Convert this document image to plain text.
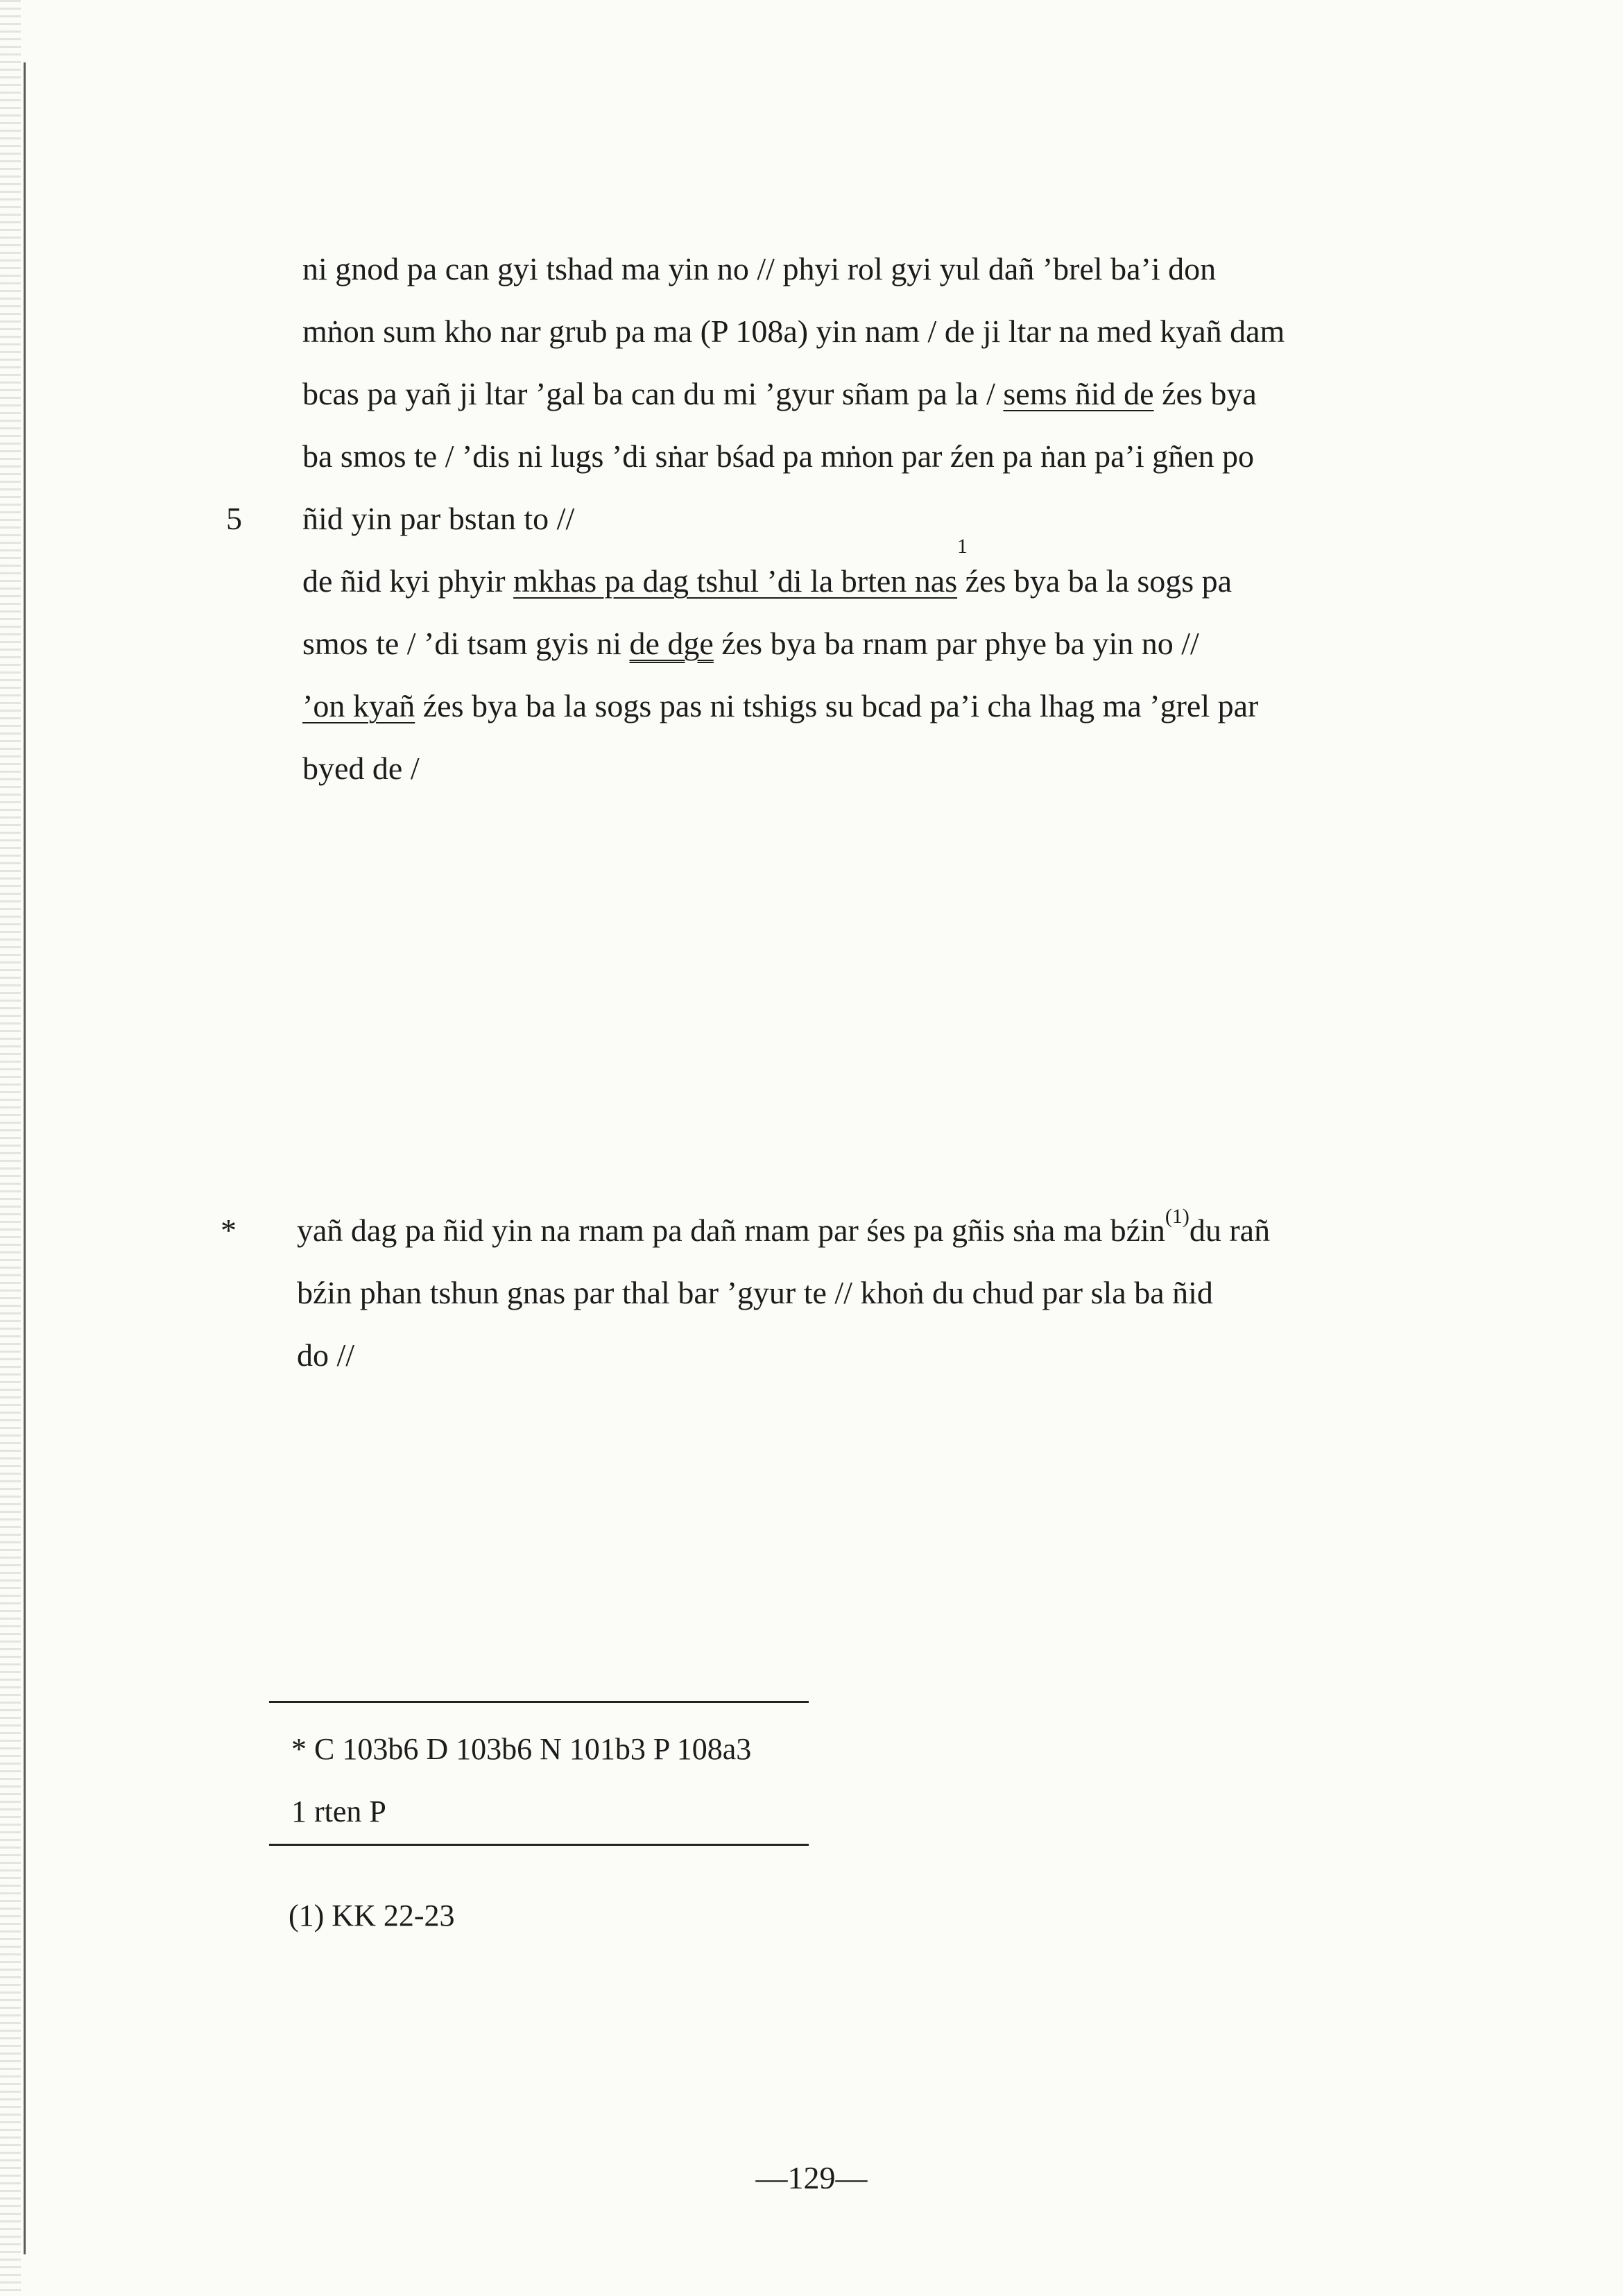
ni gnod pa can gyi tshad ma yin no // phyi rol gyi yul dañ ’brel ba’i don
mṅon sum kho nar grub pa ma (P 108a) yin nam / de ji ltar na med kyañ dam
bcas pa yañ ji ltar ’gal ba can du mi ’gyur sñam pa la / sems ñid de źes bya
ba smos te / ’dis ni lugs ’di sṅar bśad pa mṅon par źen pa ṅan pa’i gñen po
5 ñid yin par bstan to //
de ñid kyi phyir mkhas pa dag tshul ’di la brten nas źes bya ba la sogs pa
1
smos te / ’di tsam gyis ni de dge źes bya ba rnam par phye ba yin no //
’on kyañ źes bya ba la sogs pas ni tshigs su bcad pa’i cha lhag ma ’grel par
byed de /
* yañ dag pa ñid yin na rnam pa dañ rnam par śes pa gñis sṅa ma bźin$^{(1)}$du rañ
bźin phan tshun gnas par thal bar ’gyur te // khoṅ du chud par sla ba ñid
do //
* C 103b6 D 103b6 N 101b3 P 108a3
1 rten P
(1) KK 22-23
—129—
